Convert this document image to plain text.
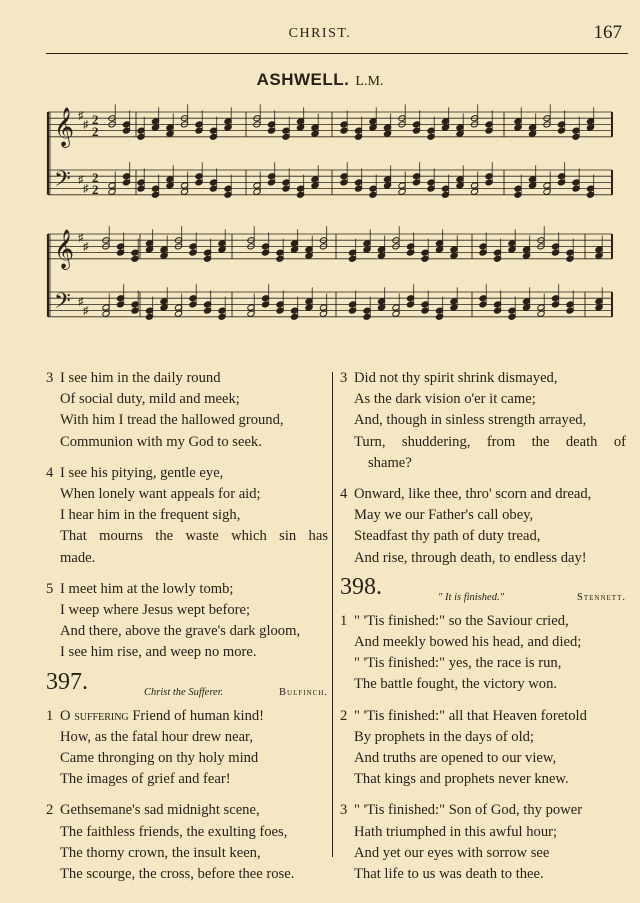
CHRIST.	167
ASHWELL. L.M.
𝄞 ♯
♯ 2
2
𝄢 ♯
♯
2
2
𝄞 ♯
♯
𝄢 ♯
♯
3 I see him in the daily round
Of social duty, mild and meek;
With him I tread the hallowed ground,
Communion with my God to seek.
4 I see his pitying, gentle eye,
When lonely want appeals for aid;
I hear him in the frequent sigh,
That mourns the waste which sin has
made.
5 I meet him at the lowly tomb;
I weep where Jesus wept before;
And there, above the grave's dark gloom,
I see him rise, and weep no more.
397.	Christ the Sufferer.	Bulfinch.
1 O suffering Friend of human kind!
How, as the fatal hour drew near,
Came thronging on thy holy mind
The images of grief and fear!
2 Gethsemane's sad midnight scene,
The faithless friends, the exulting foes,
The thorny crown, the insult keen,
The scourge, the cross, before thee rose.
3 Did not thy spirit shrink dismayed,
As the dark vision o'er it came;
And, though in sinless strength arrayed,
Turn, shuddering, from the death of
shame?
4 Onward, like thee, thro' scorn and dread,
May we our Father's call obey,
Steadfast thy path of duty tread,
And rise, through death, to endless day!
398.	" It is finished."	Stennett.
1 " 'Tis finished:" so the Saviour cried,
And meekly bowed his head, and died;
" 'Tis finished:" yes, the race is run,
The battle fought, the victory won.
2 " 'Tis finished:" all that Heaven foretold
By prophets in the days of old;
And truths are opened to our view,
That kings and prophets never knew.
3 " 'Tis finished:" Son of God, thy power
Hath triumphed in this awful hour;
And yet our eyes with sorrow see
That life to us was death to thee.
